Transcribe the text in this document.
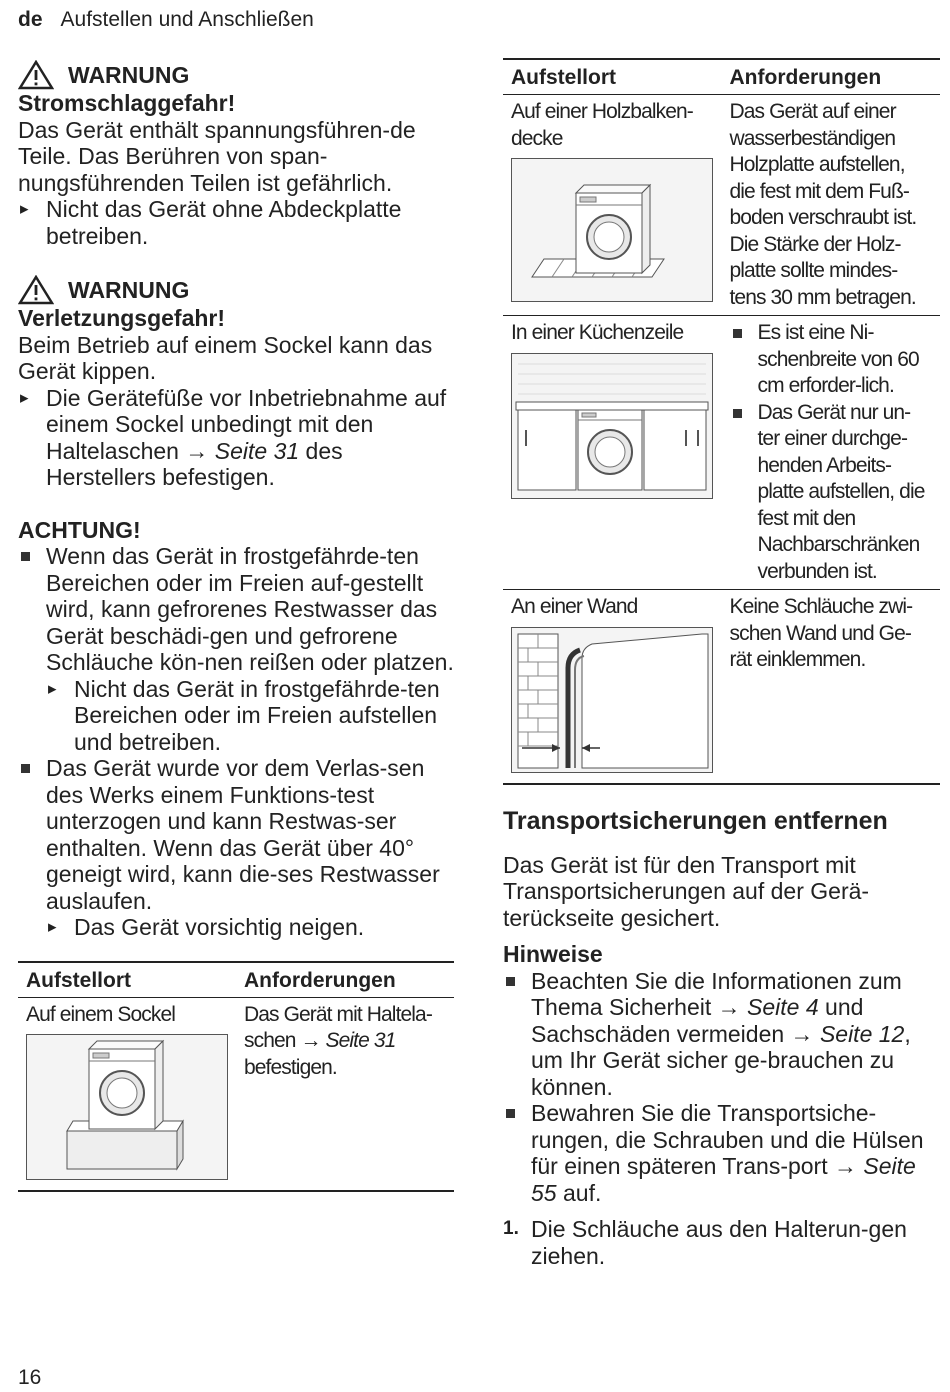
de Aufstellen und Anschließen
WARNUNG
Stromschlaggefahr!
Das Gerät enthält spannungsführen-de Teile. Das Berühren von span-nungsführenden Teilen ist gefährlich.
▸ Nicht das Gerät ohne Abdeckplatte betreiben.
WARNUNG
Verletzungsgefahr!
Beim Betrieb auf einem Sockel kann das Gerät kippen.
▸ Die Gerätefüße vor Inbetriebnahme auf einem Sockel unbedingt mit den Haltelaschen → Seite 31 des Herstellers befestigen.
ACHTUNG!
Wenn das Gerät in frostgefährde-ten Bereichen oder im Freien auf-gestellt wird, kann gefrorenes Restwasser das Gerät beschädi-gen und gefrorene Schläuche kön-nen reißen oder platzen.
▸ Nicht das Gerät in frostgefährde-ten Bereichen oder im Freien aufstellen und betreiben.
Das Gerät wurde vor dem Verlas-sen des Werks einem Funktions-test unterzogen und kann Restwas-ser enthalten. Wenn das Gerät über 40° geneigt wird, kann die-ses Restwasser auslaufen.
▸ Das Gerät vorsichtig neigen.
Aufstellort	Anforderungen

Auf einem Sockel	Das Gerät mit Haltela-schen → Seite 31 befestigen.
Aufstellort	Anforderungen

Auf einer Holzbalken-decke	Das Gerät auf einer wasserbeständigen Holzplatte aufstellen, die fest mit dem Fuß-boden verschraubt ist. Die Stärke der Holz-platte sollte mindes-tens 30 mm betragen.

In einer Küchenzeile	Es ist eine Ni-schenbreite von 60 cm erforder-lich.
Das Gerät nur un-ter einer durchge-henden Arbeits-platte aufstellen, die fest mit den Nachbarschränken verbunden ist.

An einer Wand	Keine Schläuche zwi-schen Wand und Ge-rät einklemmen.
Transportsicherungen entfernen
Das Gerät ist für den Transport mit Transportsicherungen auf der Gerä-terückseite gesichert.
Hinweise
Beachten Sie die Informationen zum Thema Sicherheit → Seite 4 und Sachschäden vermeiden → Seite 12, um Ihr Gerät sicher ge-brauchen zu können.
Bewahren Sie die Transportsiche-rungen, die Schrauben und die Hülsen für einen späteren Trans-port → Seite 55 auf.
1. Die Schläuche aus den Halterun-gen ziehen.
16
